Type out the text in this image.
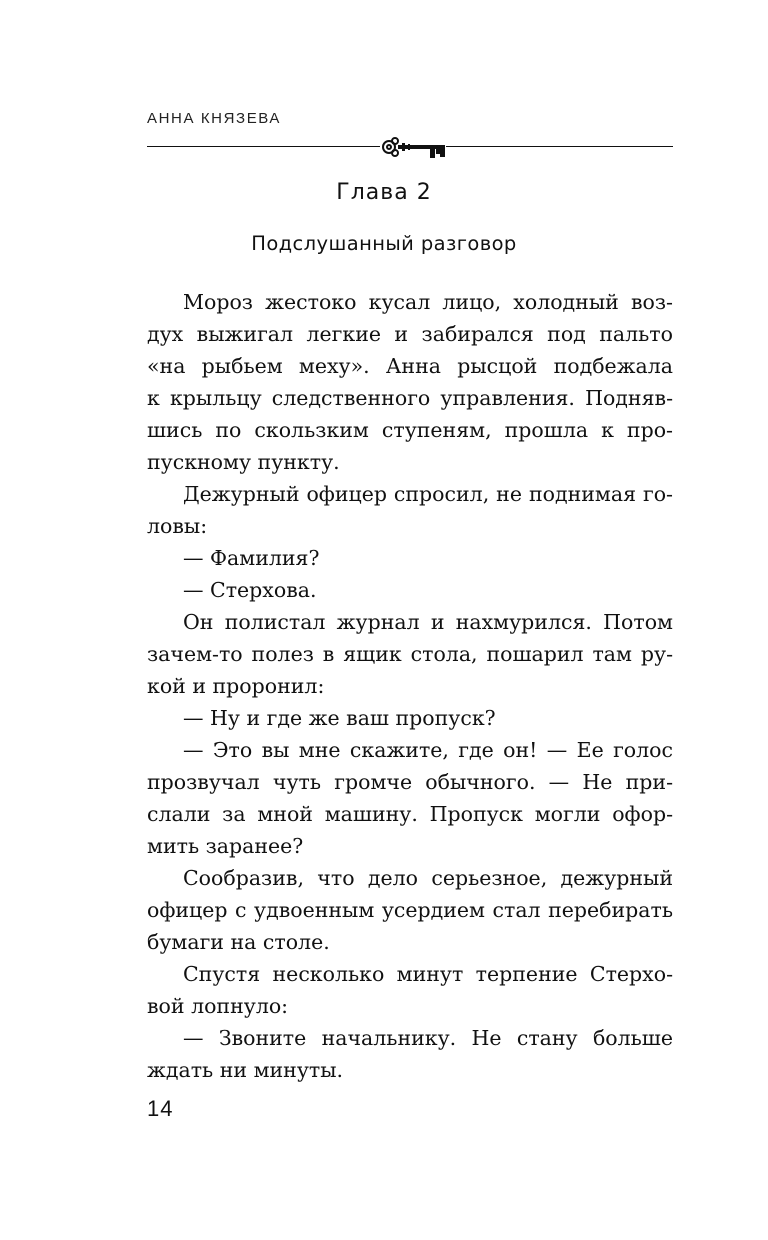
АННА КНЯЗЕВА
Глава 2
Подслушанный разговор

Мороз жестоко кусал лицо, холодный воз-
дух выжигал легкие и забирался под пальто
«на рыбьем меху». Анна рысцой подбежала
к крыльцу следственного управления. Подняв-
шись по скользким ступеням, прошла к про-
пускному пункту.

Дежурный офицер спросил, не поднимая го-
ловы:

— Фамилия?

— Стерхова.

Он полистал журнал и нахмурился. Потом
зачем-то полез в ящик стола, пошарил там ру-
кой и проронил:

— Ну и где же ваш пропуск?

— Это вы мне скажите, где он! — Ее голос
прозвучал чуть громче обычного. — Не при-
слали за мной машину. Пропуск могли офор-
мить заранее?

Сообразив, что дело серьезное, дежурный
офицер с удвоенным усердием стал перебирать
бумаги на столе.

Спустя несколько минут терпение Стерхо-
вой лопнуло:

— Звоните начальнику. Не стану больше
ждать ни минуты.

14
